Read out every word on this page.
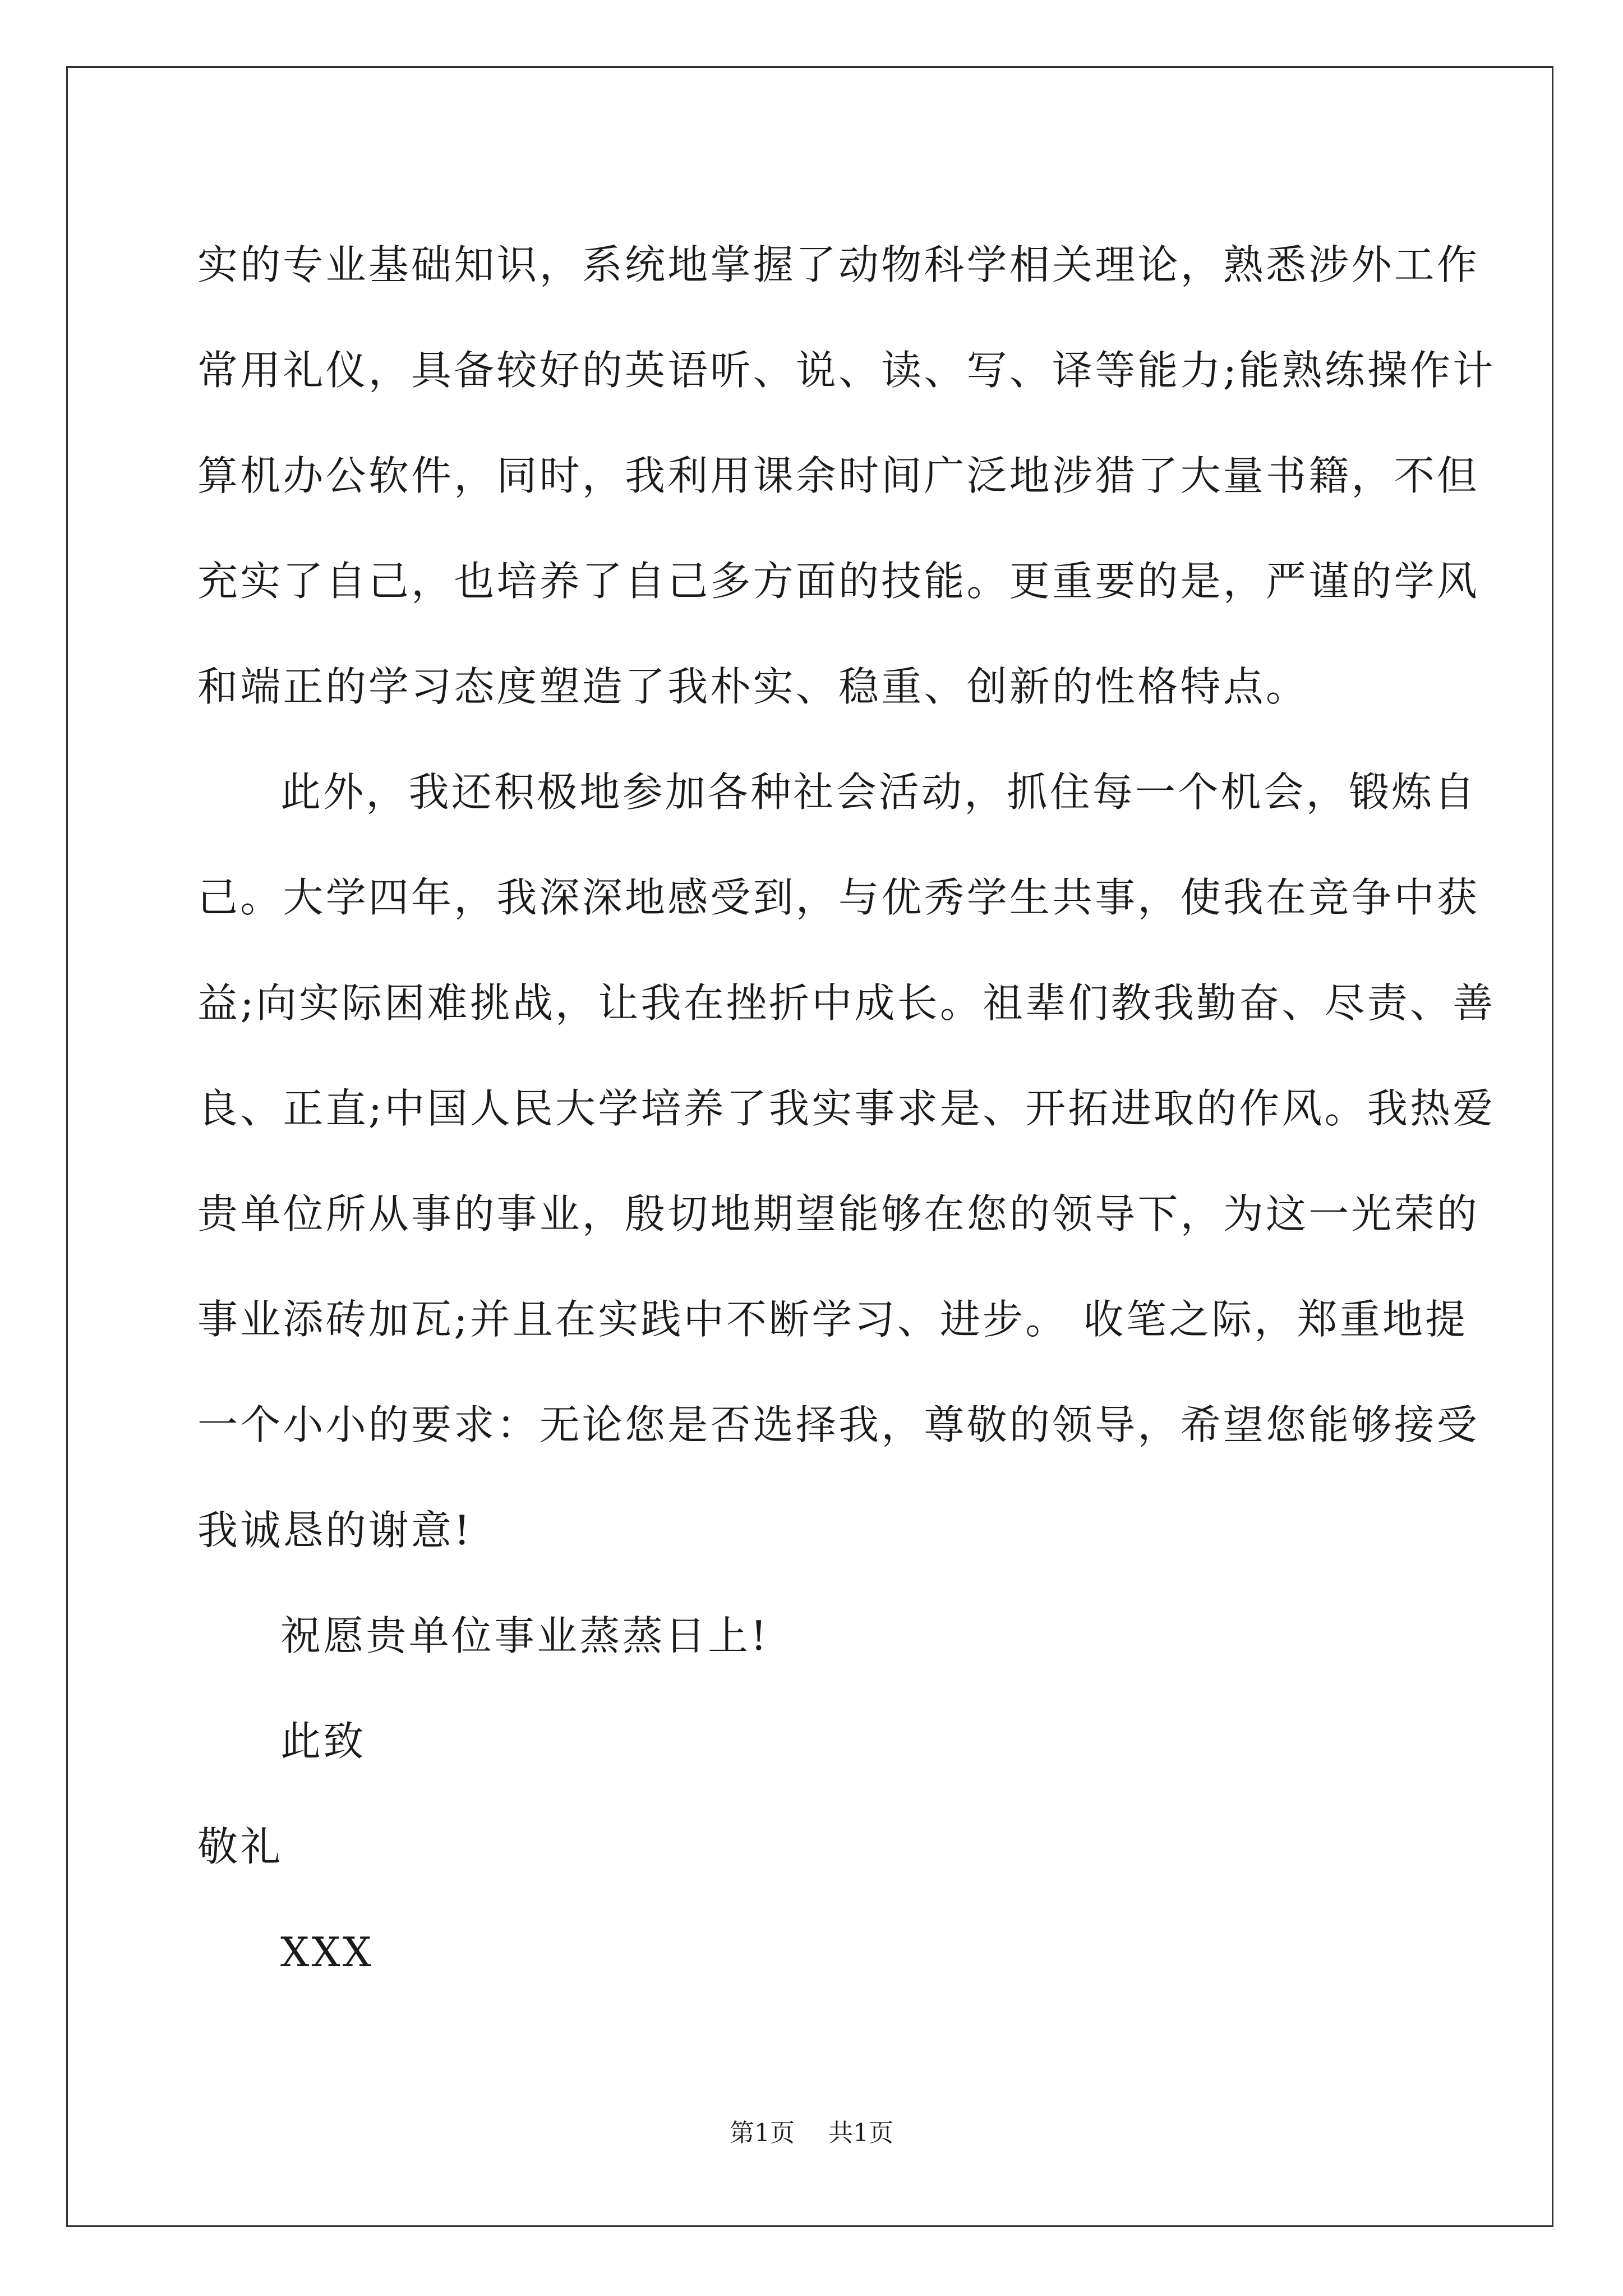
实的专业基础知识，系统地掌握了动物科学相关理论，熟悉涉外工作
常用礼仪，具备较好的英语听、说、读、写、译等能力;能熟练操作计
算机办公软件，同时，我利用课余时间广泛地涉猎了大量书籍，不但
充实了自己，也培养了自己多方面的技能。更重要的是，严谨的学风
和端正的学习态度塑造了我朴实、稳重、创新的性格特点。
此外，我还积极地参加各种社会活动，抓住每一个机会，锻炼自
己。大学四年，我深深地感受到，与优秀学生共事，使我在竞争中获
益;向实际困难挑战，让我在挫折中成长。祖辈们教我勤奋、尽责、善
良、正直;中国人民大学培养了我实事求是、开拓进取的作风。我热爱
贵单位所从事的事业，殷切地期望能够在您的领导下，为这一光荣的
事业添砖加瓦;并且在实践中不断学习、进步。 收笔之际，郑重地提
一个小小的要求：无论您是否选择我，尊敬的领导，希望您能够接受
我诚恳的谢意!
祝愿贵单位事业蒸蒸日上!
此致
敬礼
XXX
第1页 共1页
